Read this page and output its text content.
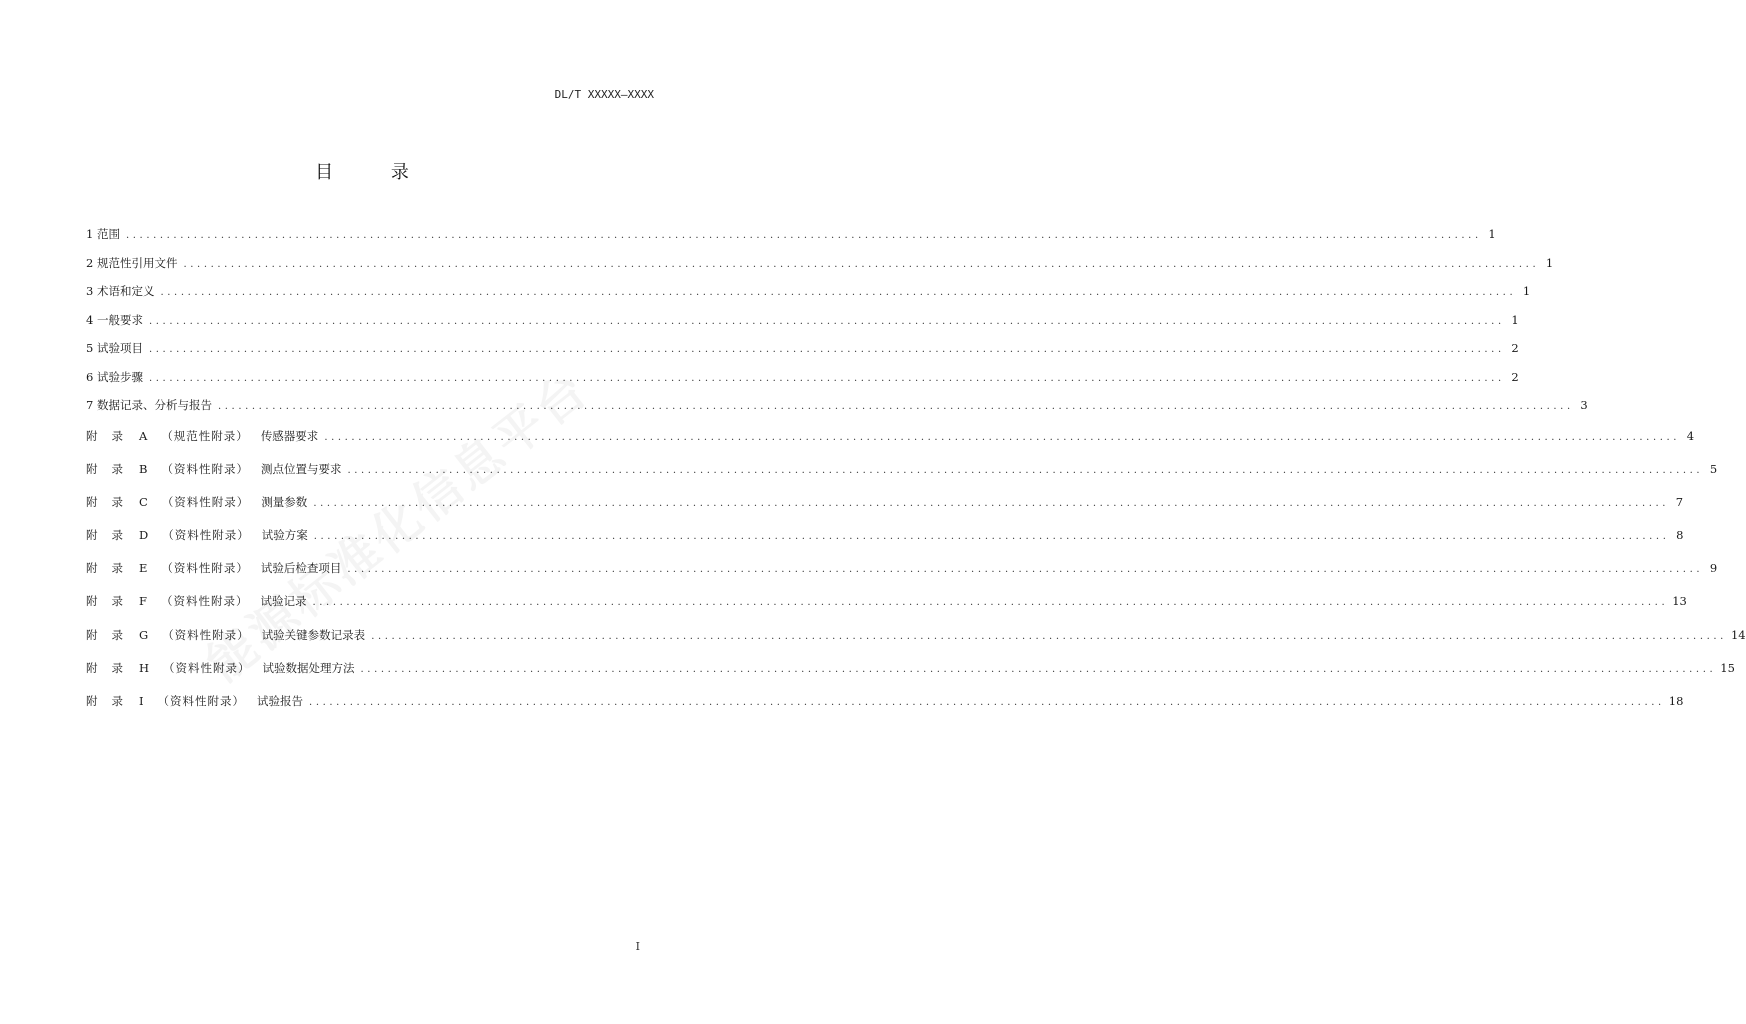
DL/T XXXXX—XXXX
目 录
1 范围 ........................................................................................................................................................................................................ 1
2 规范性引用文件 ........................................................................................................................................................................................................ 1
3 术语和定义 ........................................................................................................................................................................................................ 1
4 一般要求 ........................................................................................................................................................................................................ 1
5 试验项目 ........................................................................................................................................................................................................ 2
6 试验步骤 ........................................................................................................................................................................................................ 2
7 数据记录、分析与报告 ........................................................................................................................................................................................................ 3
附录 A （规范性附录） 传感器要求 ........................................................................................................................................................................................................ 4
附录 B （资料性附录） 测点位置与要求 ........................................................................................................................................................................................................ 5
附录 C （资料性附录） 测量参数 ........................................................................................................................................................................................................ 7
附录 D （资料性附录） 试验方案 ........................................................................................................................................................................................................ 8
附录 E （资料性附录） 试验后检查项目 ........................................................................................................................................................................................................ 9
附录 F （资料性附录） 试验记录 ........................................................................................................................................................................................................ 13
附录 G （资料性附录） 试验关键参数记录表 ........................................................................................................................................................................................................ 14
附录 H （资料性附录） 试验数据处理方法 ........................................................................................................................................................................................................ 15
附录 I （资料性附录） 试验报告 ........................................................................................................................................................................................................ 18
I
